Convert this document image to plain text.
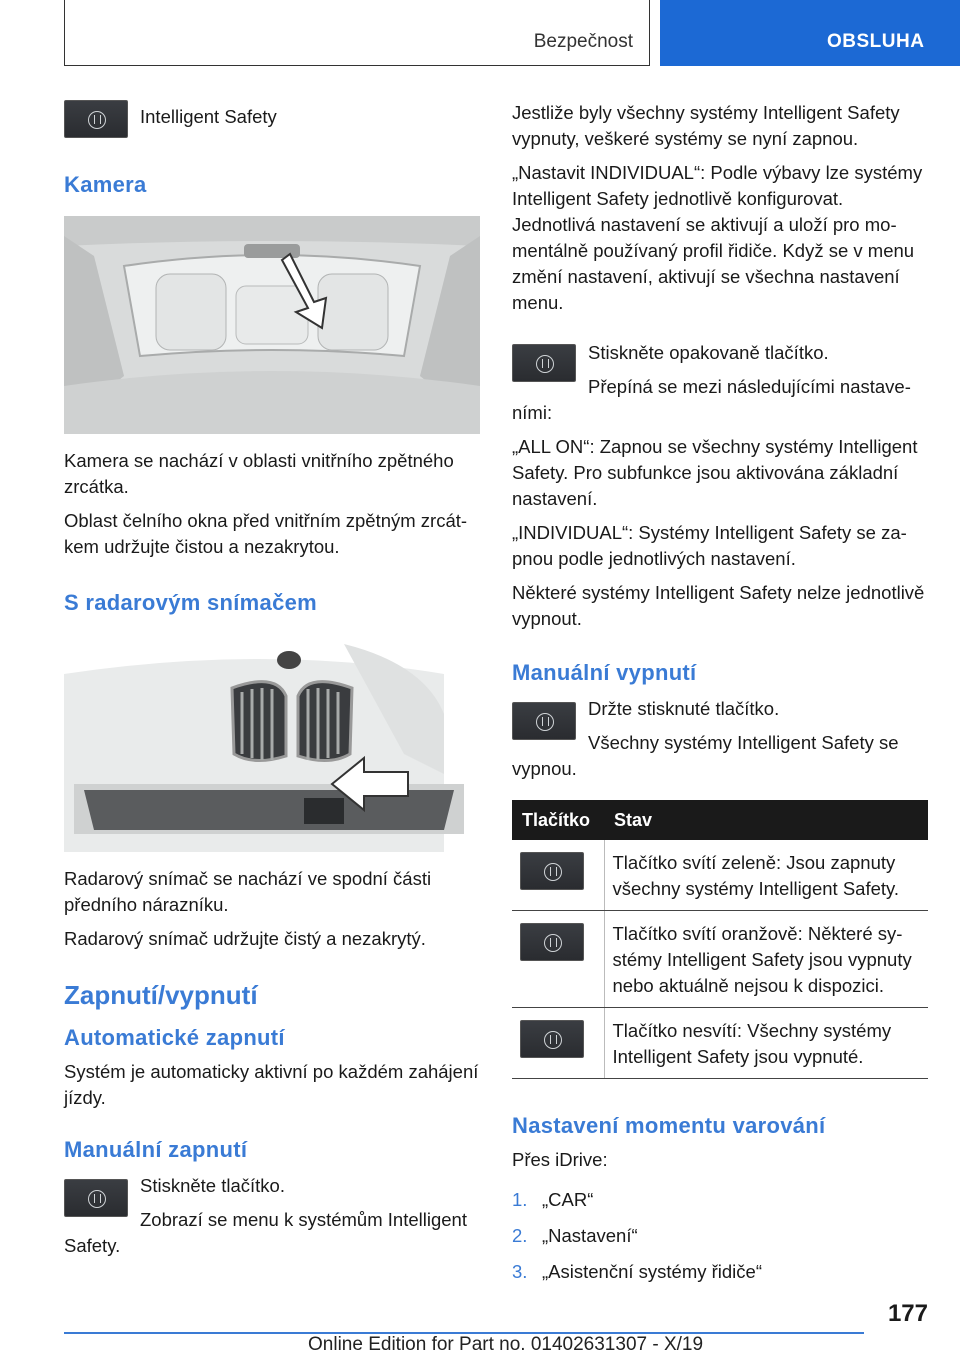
Bezpečnost	OBSLUHA

Intelligent Safety

Kamera

Kamera se nachází v oblasti vnitřního zpětného zrcátka.

Oblast čelního okna před vnitřním zpětným zrcátkem udržujte čistou a nezakrytou.

S radarovým snímačem

Radarový snímač se nachází ve spodní části předního nárazníku.

Radarový snímač udržujte čistý a nezakrytý.

Zapnutí/vypnutí
Automatické zapnutí

Systém je automaticky aktivní po každém zahájení jízdy.

Manuální zapnutí

Stiskněte tlačítko.

Zobrazí se menu k systémům Intelligent Safety.

Jestliže byly všechny systémy Intelligent Safety vypnuty, veškeré systémy se nyní zapnou.

„Nastavit INDIVIDUAL“: Podle výbavy lze systémy Intelligent Safety jednotlivě konfigurovat. Jednotlivá nastavení se aktivují a uloží pro momentálně používaný profil řidiče. Když se v menu změní nastavení, aktivují se všechna nastavení menu.

Stiskněte opakovaně tlačítko.

Přepíná se mezi následujícími nastaveními:

„ALL ON“: Zapnou se všechny systémy Intelligent Safety. Pro subfunkce jsou aktivována základní nastavení.

„INDIVIDUAL“: Systémy Intelligent Safety se zapnou podle jednotlivých nastavení.

Některé systémy Intelligent Safety nelze jednotlivě vypnout.

Manuální vypnutí

Držte stisknuté tlačítko.

Všechny systémy Intelligent Safety se vypnou.

Tlačítko	Stav

	Tlačítko svítí zeleně: Jsou zapnuty všechny systémy Intelligent Safety.

	Tlačítko svítí oranžově: Některé systémy Intelligent Safety jsou vypnuty nebo aktuálně nejsou k dispozici.

	Tlačítko nesvítí: Všechny systémy Intelligent Safety jsou vypnuté.
Nastavení momentu varování

Přes iDrive:

1. „CAR“
2. „Nastavení“
3. „Asistenční systémy řidiče“
177
Online Edition for Part no. 01402631307 - X/19
